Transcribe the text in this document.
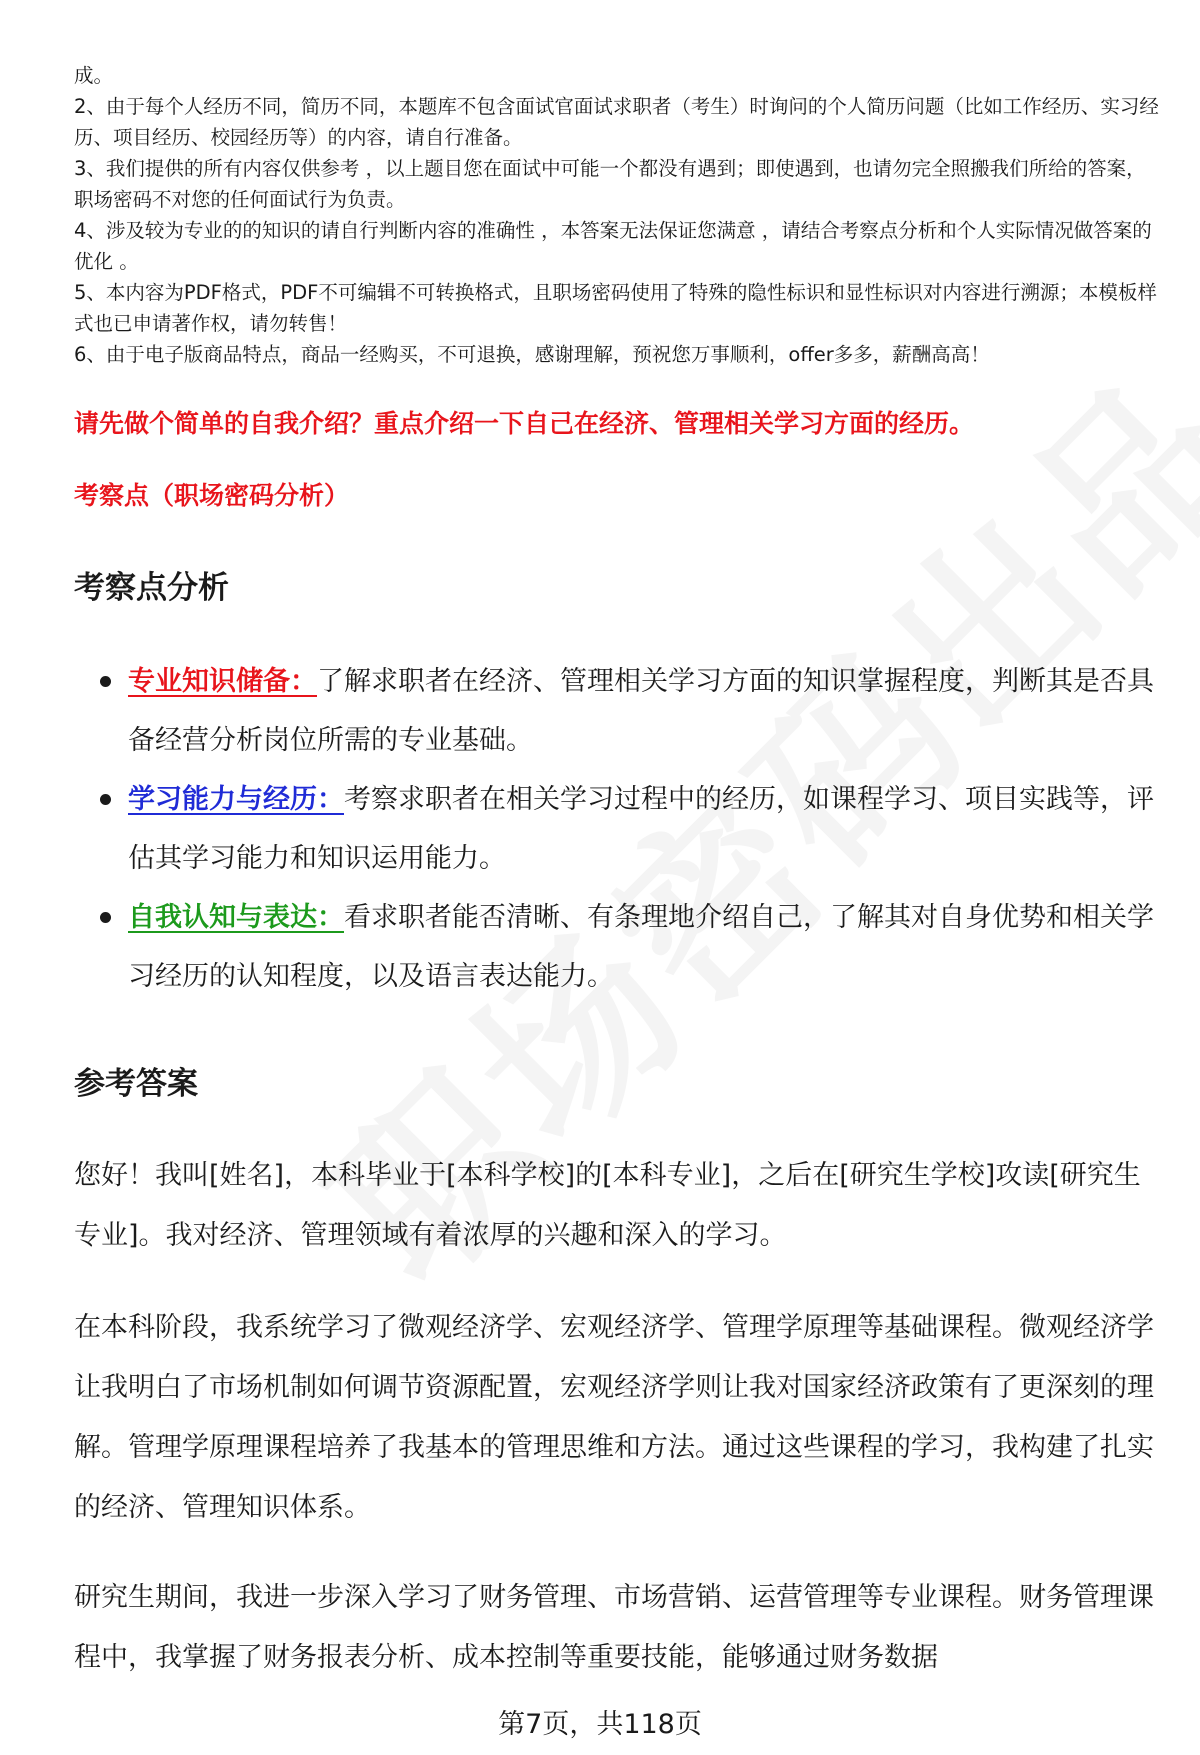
成。

2、由于每个人经历不同，简历不同，本题库不包含面试官面试求职者（考生）时询问的个人简历问题（比如工作经历、实习经历、项目经历、校园经历等）的内容，请自行准备。

3、我们提供的所有内容仅供参考 ，以上题目您在面试中可能一个都没有遇到；即使遇到，也请勿完全照搬我们所给的答案，职场密码不对您的任何面试行为负责。

4、涉及较为专业的的知识的请自行判断内容的准确性 ，本答案无法保证您满意 ，请结合考察点分析和个人实际情况做答案的优化 。

5、本内容为PDF格式，PDF不可编辑不可转换格式，且职场密码使用了特殊的隐性标识和显性标识对内容进行溯源；本模板样式也已申请著作权，请勿转售！

6、由于电子版商品特点，商品一经购买，不可退换，感谢理解，预祝您万事顺利，offer多多，薪酬高高！

请先做个简单的自我介绍？重点介绍一下自己在经济、管理相关学习方面的经历。
考察点（职场密码分析）
考察点分析
专业知识储备：了解求职者在经济、管理相关学习方面的知识掌握程度，判断其是否具备经营分析岗位所需的专业基础。
学习能力与经历：考察求职者在相关学习过程中的经历，如课程学习、项目实践等，评估其学习能力和知识运用能力。
自我认知与表达：看求职者能否清晰、有条理地介绍自己，了解其对自身优势和相关学习经历的认知程度，以及语言表达能力。
参考答案

您好！我叫[姓名]，本科毕业于[本科学校]的[本科专业]，之后在[研究生学校]攻读[研究生专业]。我对经济、管理领域有着浓厚的兴趣和深入的学习。

在本科阶段，我系统学习了微观经济学、宏观经济学、管理学原理等基础课程。微观经济学让我明白了市场机制如何调节资源配置，宏观经济学则让我对国家经济政策有了更深刻的理解。管理学原理课程培养了我基本的管理思维和方法。通过这些课程的学习，我构建了扎实的经济、管理知识体系。

研究生期间，我进一步深入学习了财务管理、市场营销、运营管理等专业课程。财务管理课程中，我掌握了财务报表分析、成本控制等重要技能，能够通过财务数据

第7页，共118页
